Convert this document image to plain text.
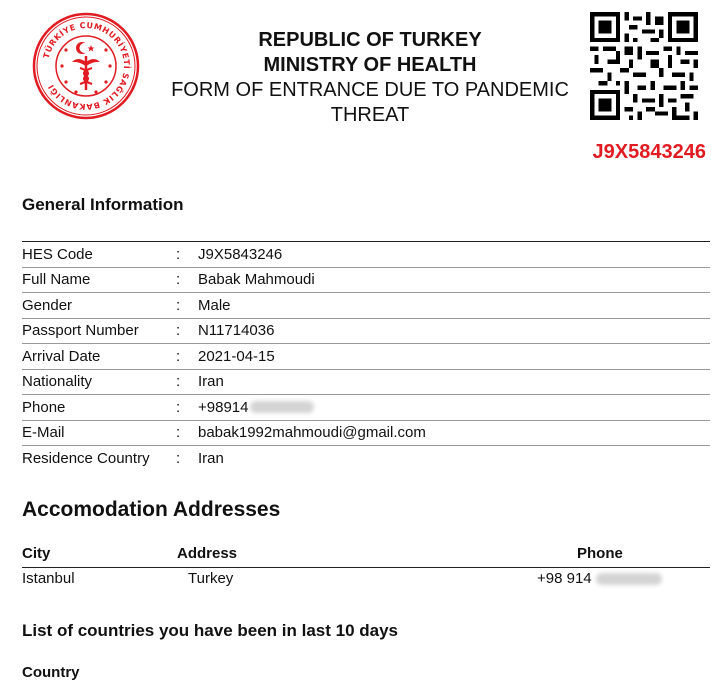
TÜRKİYE CUMHURİYETİ SAĞLIK BAKANLIĞI
REPUBLIC OF TURKEY
MINISTRY OF HEALTH
FORM OF ENTRANCE DUE TO PANDEMIC
THREAT
J9X5843246
General Information
HES Code	:	J9X5843246
Full Name	:	Babak Mahmoudi
Gender	:	Male
Passport Number	:	N11714036
Arrival Date	:	2021-04-15
Nationality	:	Iran
Phone	:	+98914
E-Mail	:	babak1992mahmoudi@gmail.com
Residence Country	:	Iran
Accomodation Addresses
City	Address	Phone
Istanbul	Turkey	+98 914
List of countries you have been in last 10 days
Country
